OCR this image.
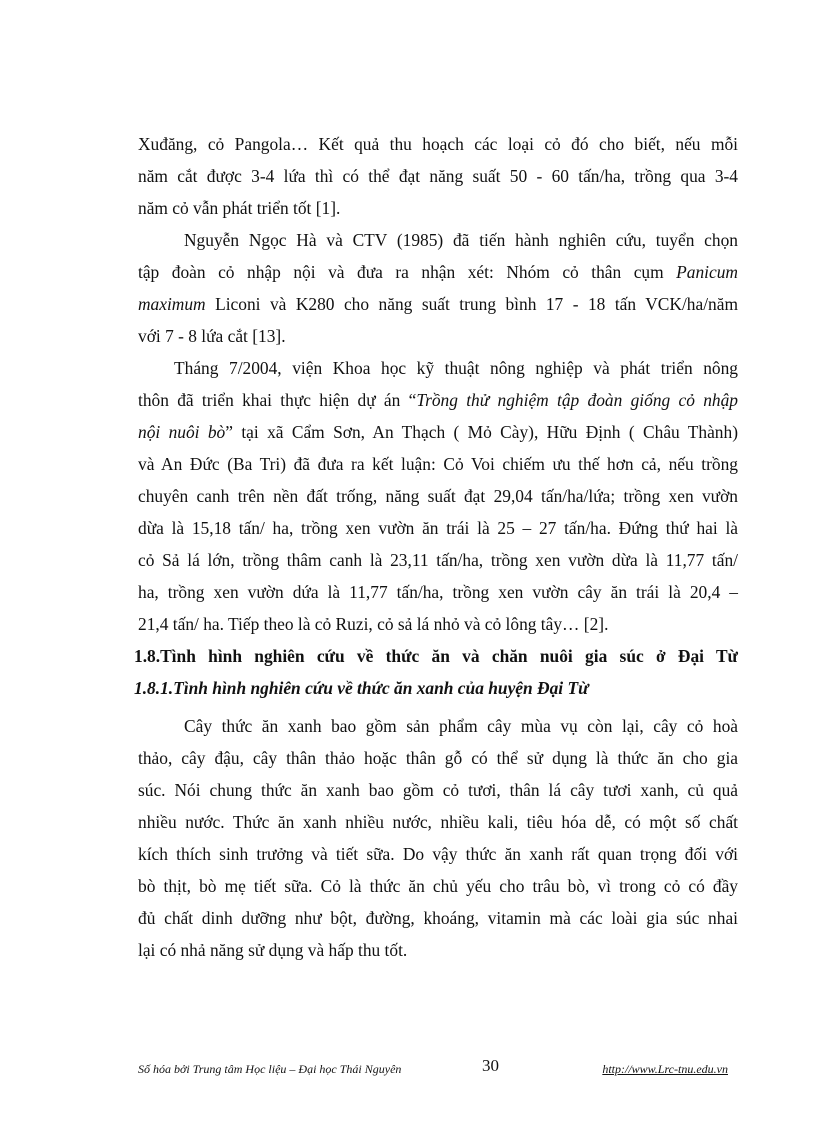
Xuđăng, cỏ Pangola… Kết quả thu hoạch các loại cỏ đó cho biết, nếu mỗi
năm cắt được 3-4 lứa thì có thể đạt năng suất 50 - 60 tấn/ha, trồng qua 3-4
năm cỏ vẫn phát triển tốt [1].
Nguyễn Ngọc Hà và CTV (1985) đã tiến hành nghiên cứu, tuyển chọn
tập đoàn cỏ nhập nội và đưa ra nhận xét: Nhóm cỏ thân cụm Panicum
maximum Liconi và K280 cho năng suất trung bình 17 - 18 tấn VCK/ha/năm
với 7 - 8 lứa cắt [13].
Tháng 7/2004, viện Khoa học kỹ thuật nông nghiệp và phát triển nông
thôn đã triển khai thực hiện dự án “Trồng thử nghiệm tập đoàn giống cỏ nhập
nội nuôi bò” tại xã Cẩm Sơn, An Thạch ( Mỏ Cày), Hữu Định ( Châu Thành)
và An Đức (Ba Tri) đã đưa ra kết luận: Cỏ Voi chiếm ưu thế hơn cả, nếu trồng
chuyên canh trên nền đất trống, năng suất đạt 29,04 tấn/ha/lứa; trồng xen vườn
dừa là 15,18 tấn/ ha, trồng xen vườn ăn trái là 25 – 27 tấn/ha. Đứng thứ hai là
cỏ Sả lá lớn, trồng thâm canh là 23,11 tấn/ha, trồng xen vườn dừa là 11,77 tấn/
ha, trồng xen vườn dứa là 11,77 tấn/ha, trồng xen vườn cây ăn trái là 20,4 –
21,4 tấn/ ha. Tiếp theo là cỏ Ruzi, cỏ sả lá nhỏ và cỏ lông tây… [2].
1.8.Tình hình nghiên cứu về thức ăn và chăn nuôi gia súc ở Đại Từ
1.8.1.Tình hình nghiên cứu về thức ăn xanh của huyện Đại Từ
Cây thức ăn xanh bao gồm sản phẩm cây mùa vụ còn lại, cây cỏ hoà
thảo, cây đậu, cây thân thảo hoặc thân gỗ có thể sử dụng là thức ăn cho gia
súc. Nói chung thức ăn xanh bao gồm cỏ tươi, thân lá cây tươi xanh, củ quả
nhiều nước. Thức ăn xanh nhiều nước, nhiều kali, tiêu hóa dễ, có một số chất
kích thích sinh trưởng và tiết sữa. Do vậy thức ăn xanh rất quan trọng đối với
bò thịt, bò mẹ tiết sữa. Cỏ là thức ăn chủ yếu cho trâu bò, vì trong cỏ có đầy
đủ chất dinh dưỡng như bột, đường, khoáng, vitamin mà các loài gia súc nhai
lại có nhả năng sử dụng và hấp thu tốt.
Số hóa bởi Trung tâm Học liệu – Đại học Thái Nguyên	30	http://www.Lrc-tnu.edu.vn
